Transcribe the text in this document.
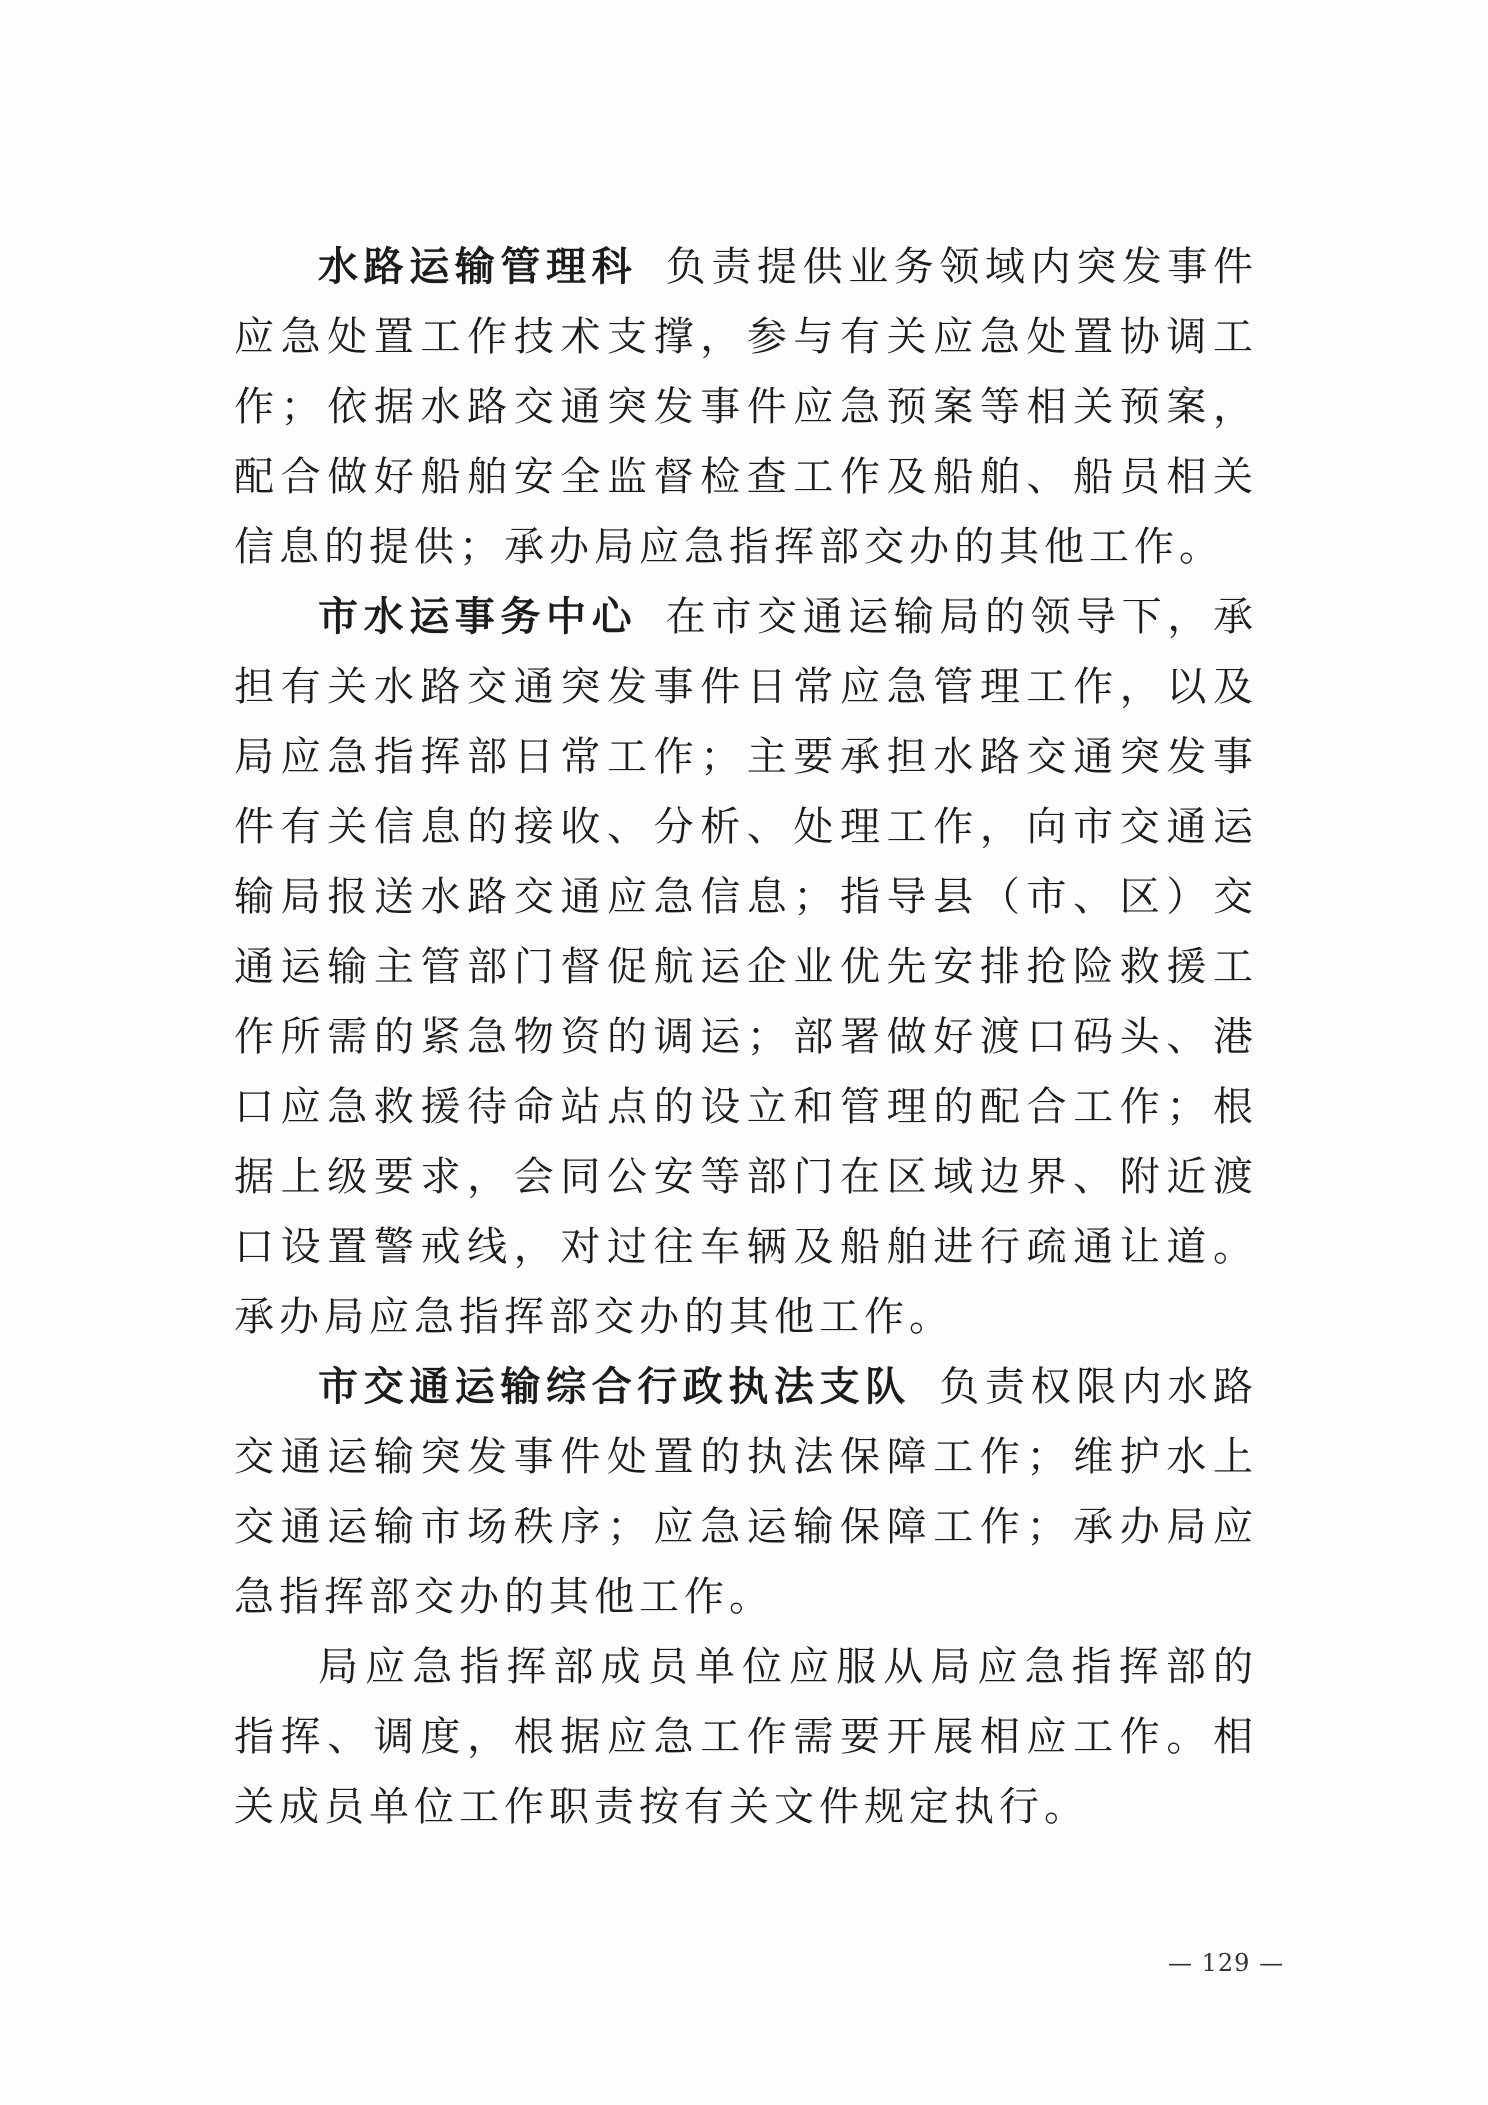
水路运输管理科 负责提供业务领域内突发事件应急处置工作技术支撑，参与有关应急处置协调工作；依据水路交通突发事件应急预案等相关预案，配合做好船舶安全监督检查工作及船舶、船员相关信息的提供；承办局应急指挥部交办的其他工作。

市水运事务中心 在市交通运输局的领导下，承担有关水路交通突发事件日常应急管理工作，以及局应急指挥部日常工作；主要承担水路交通突发事件有关信息的接收、分析、处理工作，向市交通运输局报送水路交通应急信息；指导县（市、区）交通运输主管部门督促航运企业优先安排抢险救援工作所需的紧急物资的调运；部署做好渡口码头、港口应急救援待命站点的设立和管理的配合工作；根据上级要求，会同公安等部门在区域边界、附近渡口设置警戒线，对过往车辆及船舶进行疏通让道。承办局应急指挥部交办的其他工作。

市交通运输综合行政执法支队 负责权限内水路交通运输突发事件处置的执法保障工作；维护水上交通运输市场秩序；应急运输保障工作；承办局应急指挥部交办的其他工作。

局应急指挥部成员单位应服从局应急指挥部的指挥、调度，根据应急工作需要开展相应工作。相关成员单位工作职责按有关文件规定执行。

— 129 —
